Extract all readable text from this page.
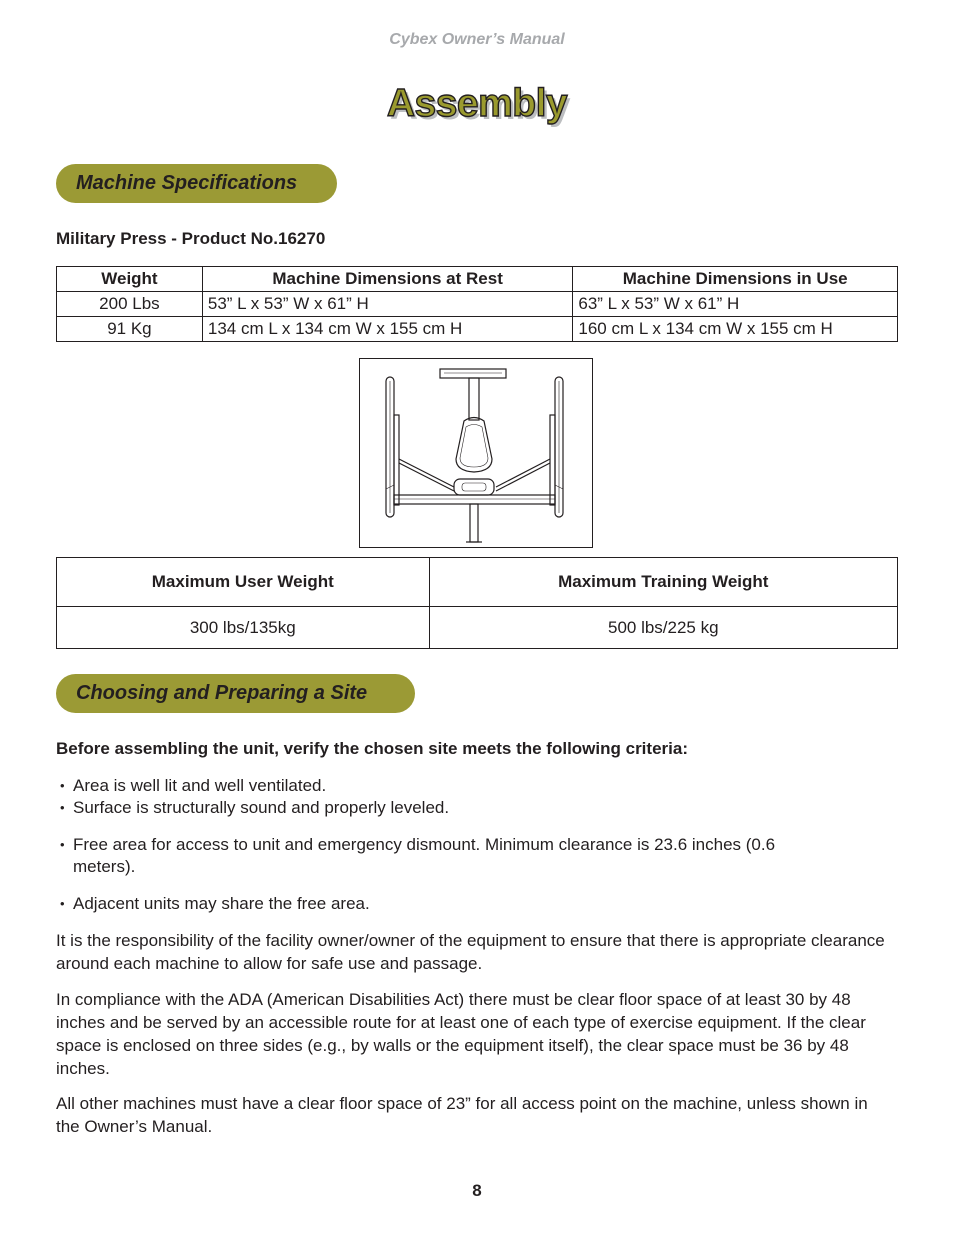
Cybex Owner’s Manual
Assembly
Machine Specifications
Military Press - Product No.16270
Weight	Machine Dimensions at Rest	Machine Dimensions in Use
200 Lbs	53” L x 53” W x 61” H	63” L x 53” W x 61” H
91 Kg	134 cm L x 134 cm W x 155 cm H	160 cm L x 134 cm W x 155 cm H
Maximum User Weight	Maximum Training Weight
300 lbs/135kg	500 lbs/225 kg
Choosing and Preparing a Site
Before assembling the unit, verify the chosen site meets the following criteria:
• Area is well lit and well ventilated.
• Surface is structurally sound and properly leveled.
• Free area for access to unit and emergency dismount. Minimum clearance is 23.6 inches (0.6 meters).
• Adjacent units may share the free area.

It is the responsibility of the facility owner/owner of the equipment to ensure that there is appropriate clearance around each machine to allow for safe use and passage.

In compliance with the ADA (American Disabilities Act) there must be clear floor space of at least 30 by 48 inches and be served by an accessible route for at least one of each type of exercise equipment. If the clear space is enclosed on three sides (e.g., by walls or the equipment itself), the clear space must be 36 by 48 inches.

All other machines must have a clear floor space of 23” for all access point on the machine, unless shown in the Owner’s Manual.

8
